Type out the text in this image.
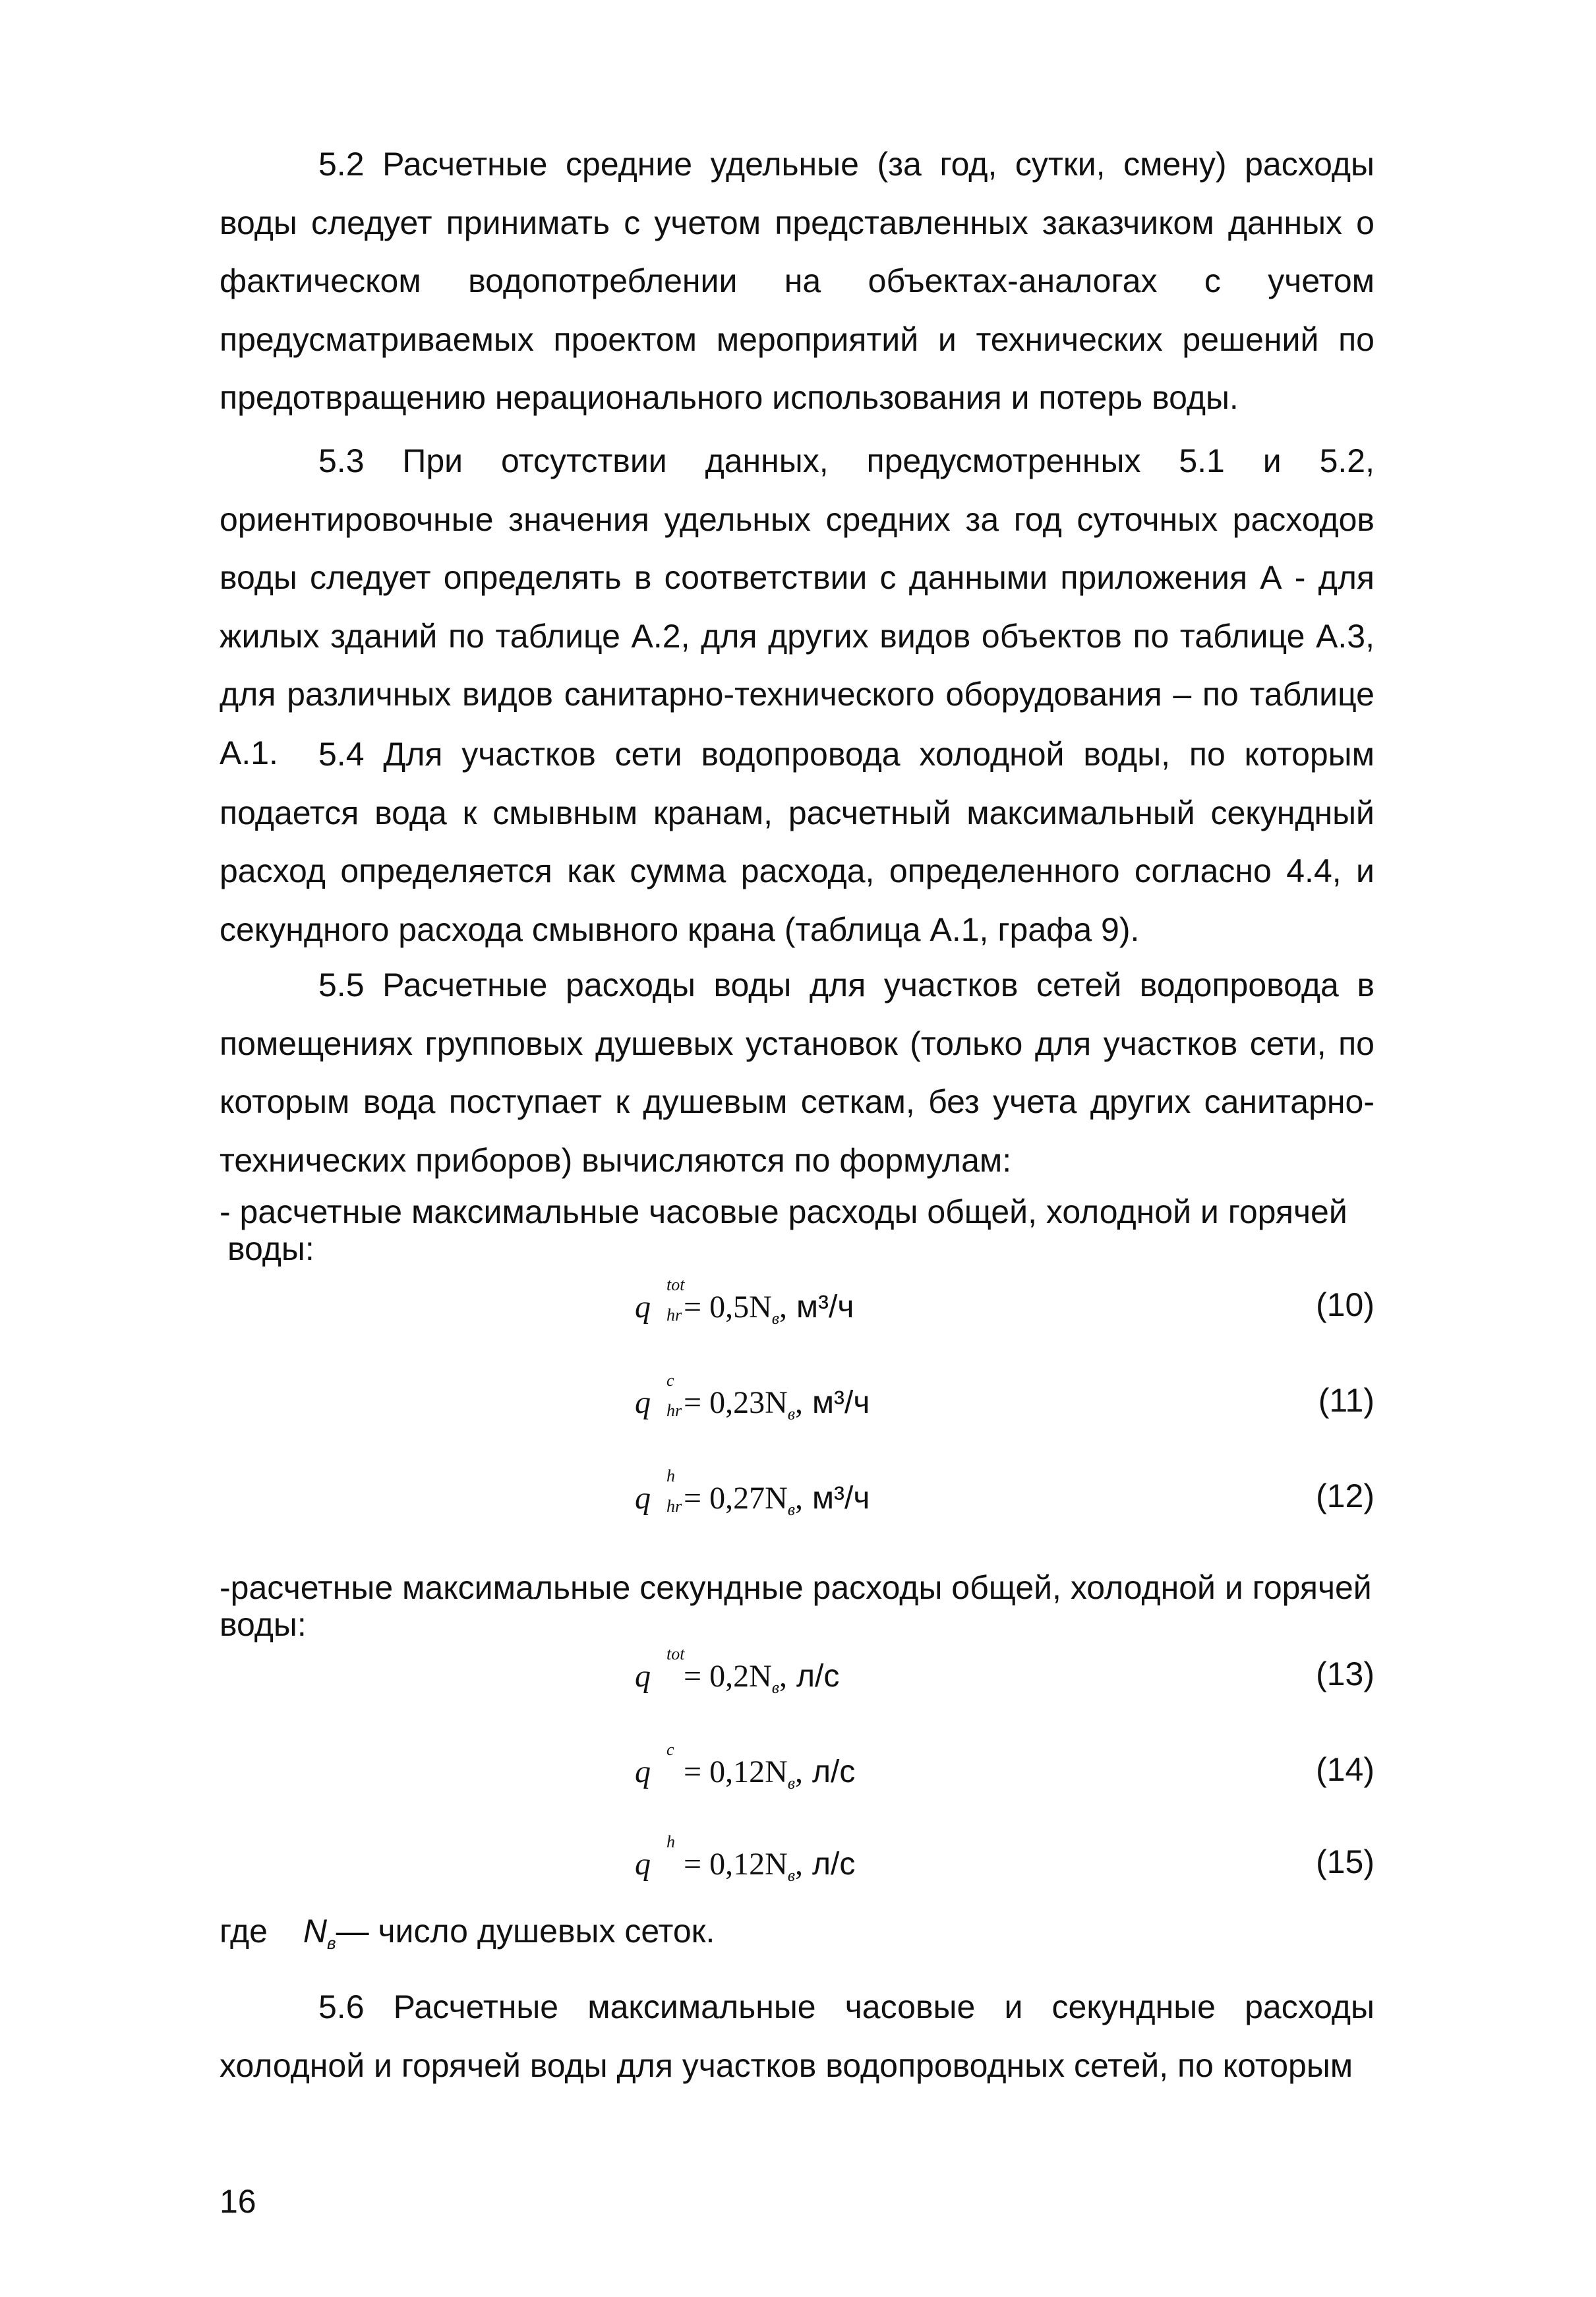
5.2 Расчетные средние удельные (за год, сутки, смену) расходы воды следует принимать с учетом представленных заказчиком данных о фактическом водопотреблении на объектах-аналогах с учетом предусматриваемых проектом мероприятий и технических решений по предотвращению нерационального использования и потерь воды.

5.3 При отсутствии данных, предусмотренных 5.1 и 5.2, ориентировочные значения удельных средних за год суточных расходов воды следует определять в соответствии с данными приложения А - для жилых зданий по таблице А.2, для других видов объектов по таблице А.3, для различных видов санитарно-технического оборудования – по таблице А.1.	5.4 Для участков сети водопровода холодной воды, по которым подается вода к смывным кранам, расчетный максимальный секундный расход определяется как сумма расхода, определенного согласно 4.4, и секундного расхода смывного крана (таблица А.1, графа 9).

5.5 Расчетные расходы воды для участков сетей водопровода в помещениях групповых душевых установок (только для участков сети, по которым вода поступает к душевым сеткам, без учета других санитарно-технических приборов) вычисляются по формулам:

- расчетные максимальные часовые расходы общей, холодной и горячей
воды:
q
tot
hr = $0,5N_в$, м³/ч	(10)
q
c
hr = $0,23N_в$, м³/ч	(11)
q
h
hr = $0,27N_в$, м³/ч	(12)
-расчетные максимальные секундные расходы общей, холодной и горячей
воды:
q
tot
= $0,2N_в$, л/с	(13)
q
c
= $0,12N_в$, л/с	(14)
q
h
= $0,12N_в$, л/с	(15)
где $N_в—$ число душевых сеток.

5.6 Расчетные максимальные часовые и секундные расходы холодной и горячей воды для участков водопроводных сетей, по которым

16
